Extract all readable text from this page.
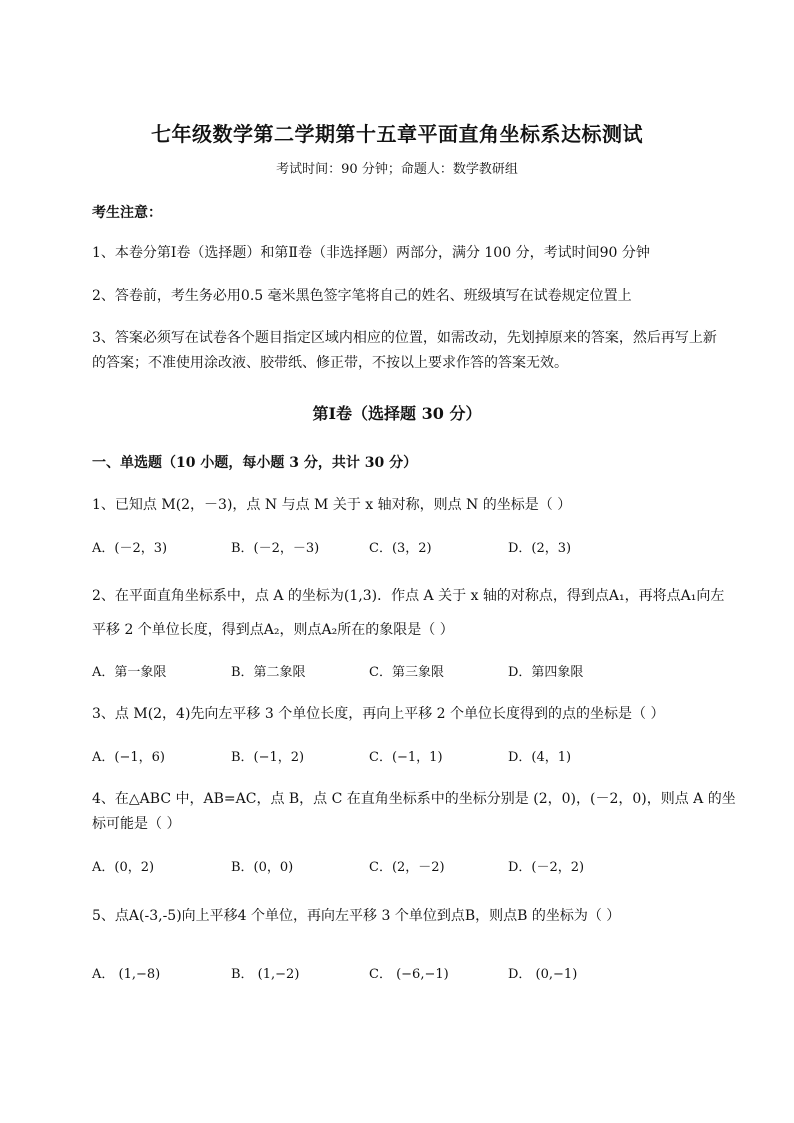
七年级数学第二学期第十五章平面直角坐标系达标测试
考试时间：90 分钟；命题人：数学教研组
考生注意：
1、本卷分第Ⅰ卷（选择题）和第Ⅱ卷（非选择题）两部分，满分 100 分，考试时间90 分钟
2、答卷前，考生务必用0.5 毫米黑色签字笔将自己的姓名、班级填写在试卷规定位置上
3、答案必须写在试卷各个题目指定区域内相应的位置，如需改动，先划掉原来的答案，然后再写上新
的答案；不准使用涂改液、胶带纸、修正带，不按以上要求作答的答案无效。
第Ⅰ卷（选择题 30 分）
一、单选题（10 小题，每小题 3 分，共计 30 分）
1、已知点 M(2，－3)，点 N 与点 M 关于 x 轴对称，则点 N 的坐标是（ ）
A．(－2，3)	B．(－2，－3)	C．(3，2)	D．(2，3)
2、在平面直角坐标系中，点 A 的坐标为(1,3)．作点 A 关于 x 轴的对称点，得到点A₁，再将点A₁向左
平移 2 个单位长度，得到点A₂，则点A₂所在的象限是（ ）
A．第一象限	B．第二象限	C．第三象限	D．第四象限
3、点 M(2，4)先向左平移 3 个单位长度，再向上平移 2 个单位长度得到的点的坐标是（ ）
A．(−1，6)	B．(−1，2)	C．(−1，1)	D．(4，1)
4、在△ABC 中，AB=AC，点 B，点 C 在直角坐标系中的坐标分别是 (2，0)，(－2，0)，则点 A 的坐
标可能是（ ）
A．(0，2)	B．(0，0)	C．(2，－2)	D．(－2，2)
5、点A(-3,-5)向上平移4 个单位，再向左平移 3 个单位到点B，则点B 的坐标为（ ）
A． (1,−8)	B． (1,−2)	C． (−6,−1)	D． (0,−1)
